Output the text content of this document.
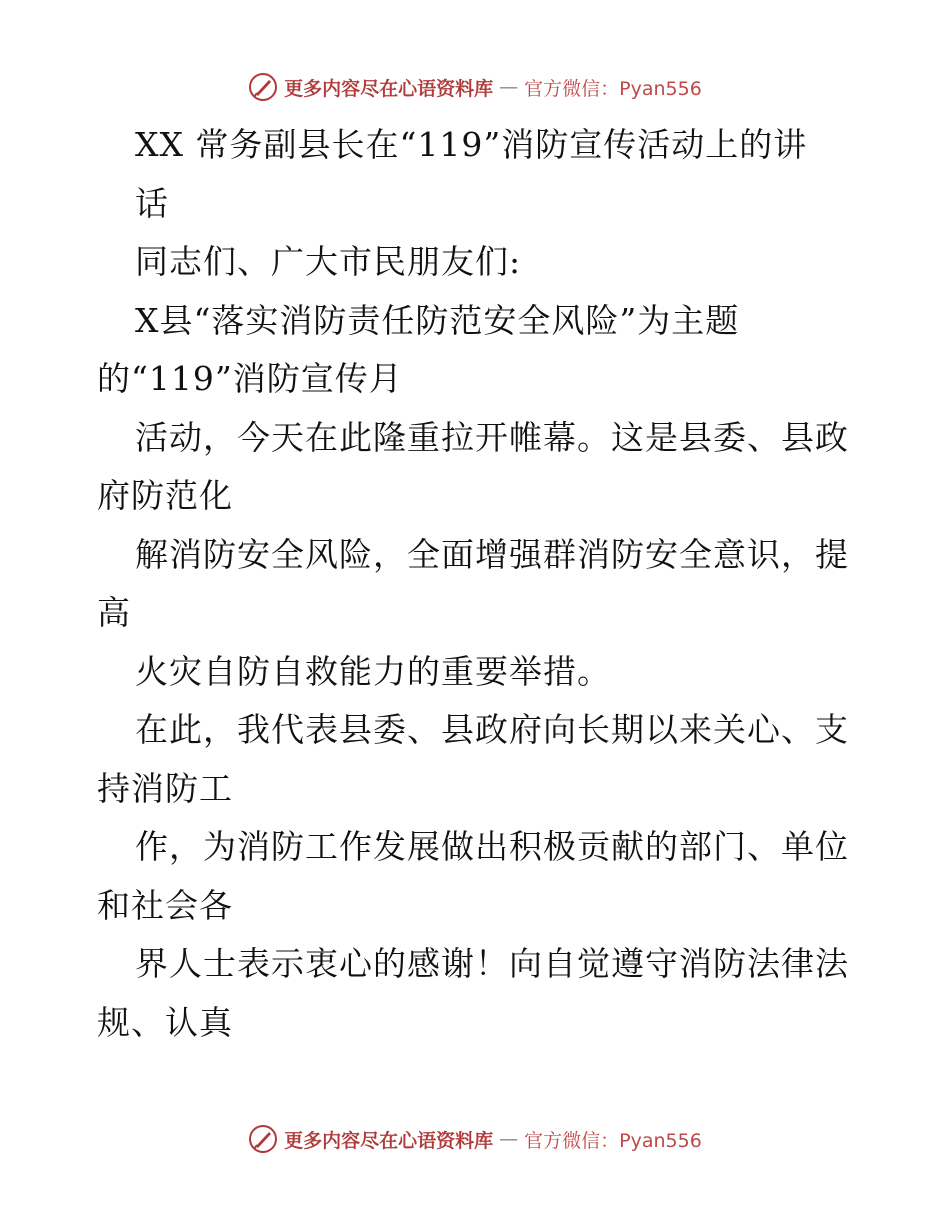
更多内容尽在心语资料库 — 官方微信：Pyan556
XX 常务副县长在“119”消防宣传活动上的讲
话
同志们、广大市民朋友们:
X县“落实消防责任防范安全风险”为主题
的“119”消防宣传月
活动，今天在此隆重拉开帷幕。这是县委、县政
府防范化
解消防安全风险，全面增强群消防安全意识，提
高
火灾自防自救能力的重要举措。
在此，我代表县委、县政府向长期以来关心、支
持消防工
作，为消防工作发展做出积极贡献的部门、单位
和社会各
界人士表示衷心的感谢！向自觉遵守消防法律法
规、认真
更多内容尽在心语资料库 — 官方微信：Pyan556
